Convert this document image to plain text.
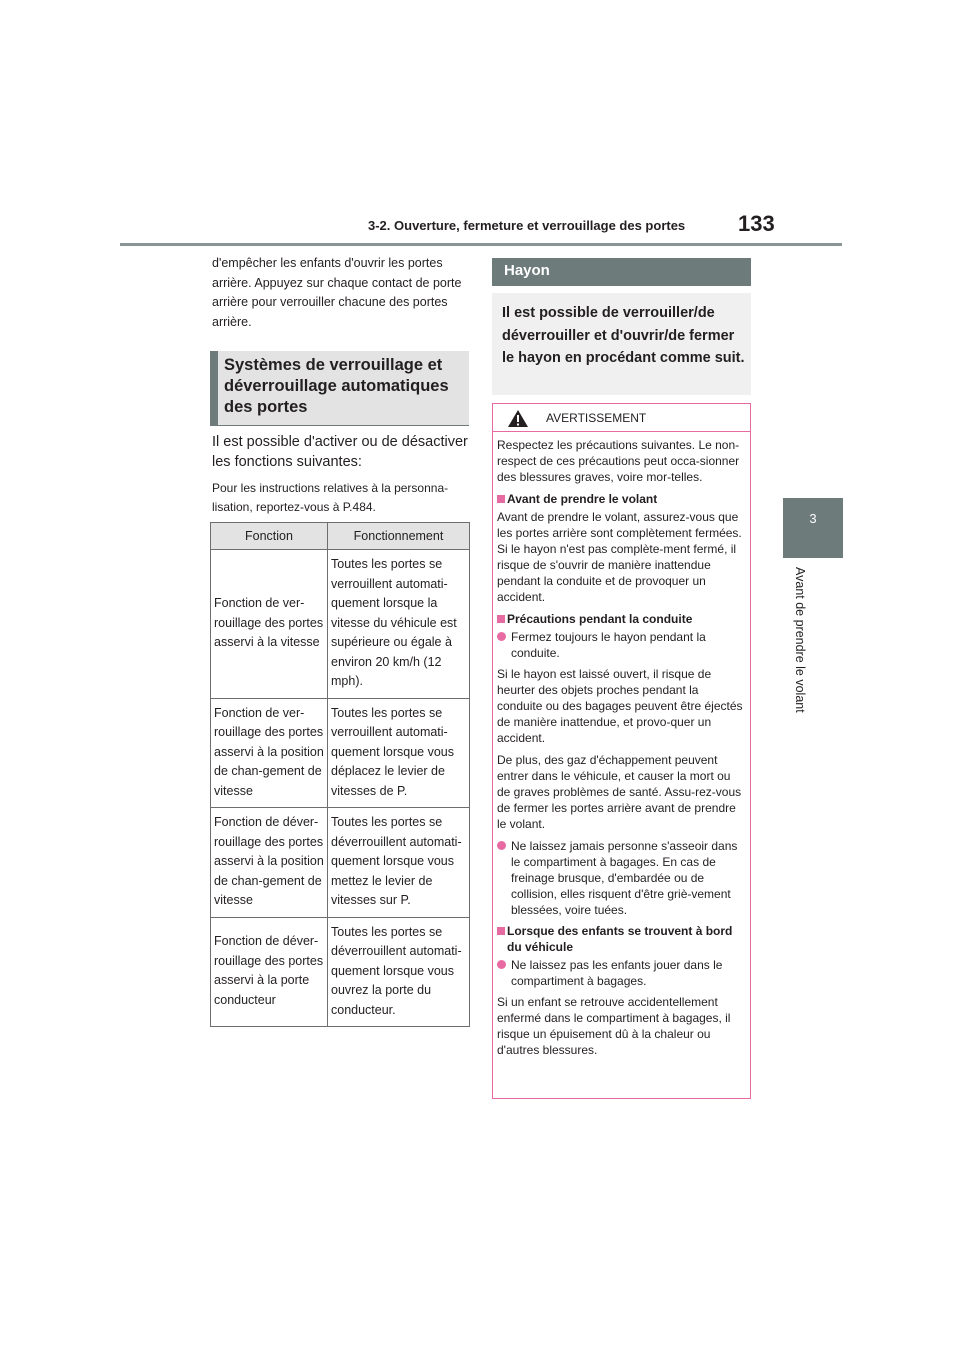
3-2. Ouverture, fermeture et verrouillage des portes 133
3
Avant de prendre le volant
d'empêcher les enfants d'ouvrir les portes arrière. Appuyez sur chaque contact de porte arrière pour verrouiller chacune des portes arrière.
Systèmes de verrouillage et déverrouillage automatiques des portes
Il est possible d'activer ou de désactiver les fonctions suivantes:
Pour les instructions relatives à la personna-lisation, reportez-vous à P.484.
Fonction	Fonctionnement
Fonction de ver-rouillage des portes asservi à la vitesse	Toutes les portes se verrouillent automati-quement lorsque la vitesse du véhicule est supérieure ou égale à environ 20 km/h (12 mph).
Fonction de ver-rouillage des portes asservi à la position de chan-gement de vitesse	Toutes les portes se verrouillent automati-quement lorsque vous déplacez le levier de vitesses de P.
Fonction de déver-rouillage des portes asservi à la position de chan-gement de vitesse	Toutes les portes se déverrouillent automati-quement lorsque vous mettez le levier de vitesses sur P.
Fonction de déver-rouillage des portes asservi à la porte conducteur	Toutes les portes se déverrouillent automati-quement lorsque vous ouvrez la porte du conducteur.
Hayon
Il est possible de verrouiller/de déverrouiller et d'ouvrir/de fermer le hayon en procédant comme suit.
AVERTISSEMENT

Respectez les précautions suivantes. Le non-respect de ces précautions peut occa-sionner des blessures graves, voire mor-telles.

Avant de prendre le volant

Avant de prendre le volant, assurez-vous que les portes arrière sont complètement fermées. Si le hayon n'est pas complète-ment fermé, il risque de s'ouvrir de manière inattendue pendant la conduite et de provoquer un accident.

Précautions pendant la conduite
Fermez toujours le hayon pendant la conduite.

Si le hayon est laissé ouvert, il risque de heurter des objets proches pendant la conduite ou des bagages peuvent être éjectés de manière inattendue, et provo-quer un accident.

De plus, des gaz d'échappement peuvent entrer dans le véhicule, et causer la mort ou de graves problèmes de santé. Assu-rez-vous de fermer les portes arrière avant de prendre le volant.

Ne laissez jamais personne s'asseoir dans le compartiment à bagages. En cas de freinage brusque, d'embardée ou de collision, elles risquent d'être griè-vement blessées, voire tuées.
Lorsque des enfants se trouvent à bord du véhicule
Ne laissez pas les enfants jouer dans le compartiment à bagages.

Si un enfant se retrouve accidentellement enfermé dans le compartiment à bagages, il risque un épuisement dû à la chaleur ou d'autres blessures.
